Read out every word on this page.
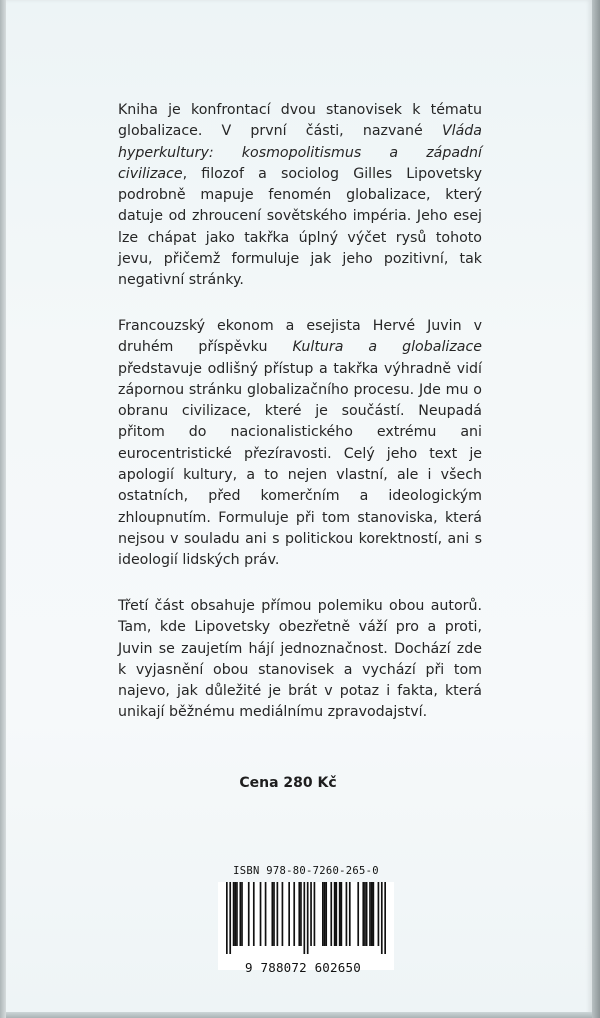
Kniha je konfrontací dvou stanovisek k tématu globalizace. V první části, nazvané Vláda hyperkultury: kosmopolitismus a západní civilizace, filozof a sociolog Gilles Lipovetsky podrobně mapuje fenomén globalizace, který datuje od zhroucení sovětského impéria. Jeho esej lze chápat jako takřka úplný výčet rysů tohoto jevu, přičemž formuluje jak jeho pozitivní, tak negativní stránky.

Francouzský ekonom a esejista Hervé Juvin v druhém příspěvku Kultura a globalizace představuje odlišný přístup a takřka výhradně vidí zápornou stránku globalizačního procesu. Jde mu o obranu civilizace, které je součástí. Neupadá přitom do nacionalistického extrému ani eurocentristické přezíravosti. Celý jeho text je apologií kultury, a to nejen vlastní, ale i všech ostatních, před komerčním a ideologickým zhloupnutím. Formuluje při tom stanoviska, která nejsou v souladu ani s politickou korektností, ani s ideologií lidských práv.

Třetí část obsahuje přímou polemiku obou autorů. Tam, kde Lipovetsky obezřetně váží pro a proti, Juvin se zaujetím hájí jednoznačnost. Dochází zde k vyjasnění obou stanovisek a vychází při tom najevo, jak důležité je brát v potaz i fakta, která unikají běžnému mediálnímu zpravodajství.

Cena 280 Kč
ISBN 978-80-7260-265-0
9 788072 602650
